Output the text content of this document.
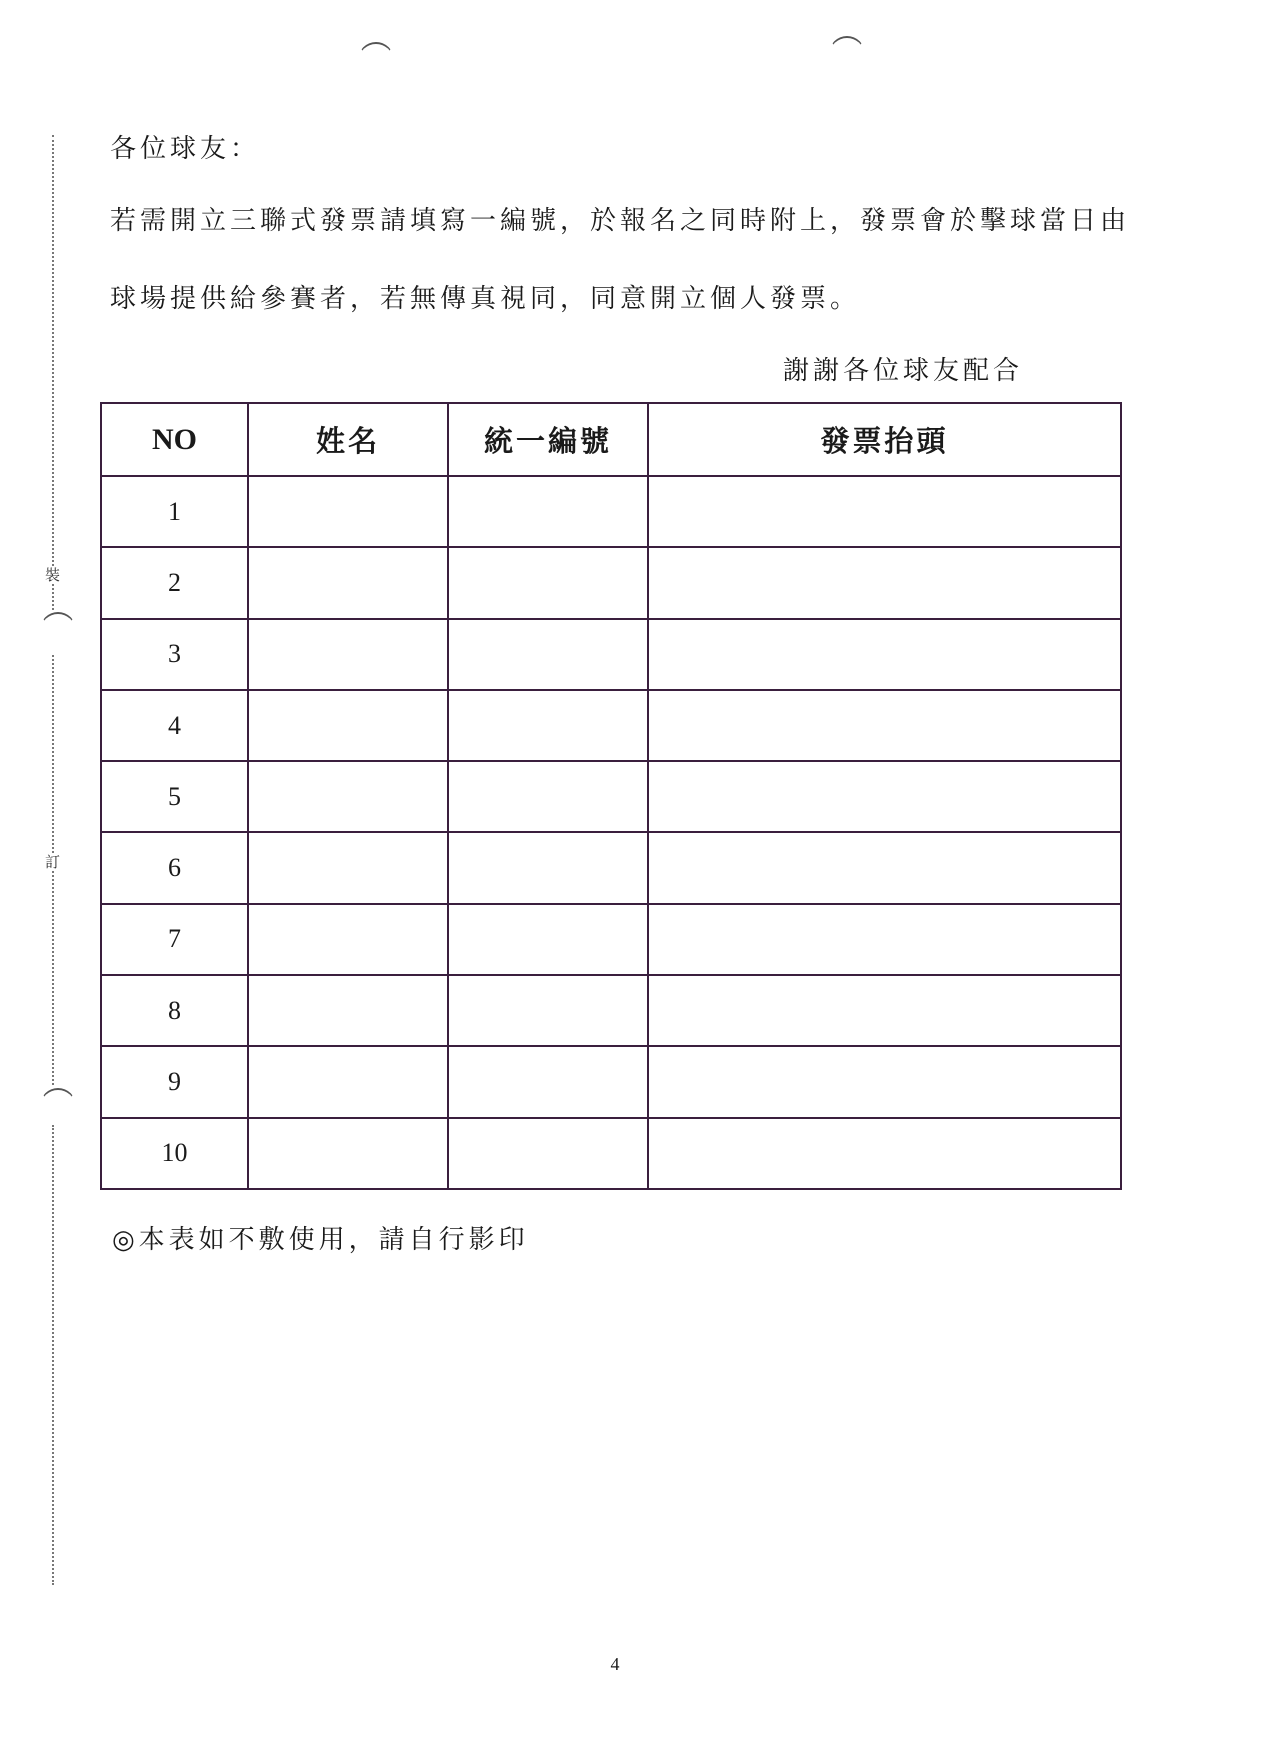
裝
訂
各位球友：
若需開立三聯式發票請填寫一編號，於報名之同時附上，發票會於擊球當日由
球場提供給參賽者，若無傳真視同，同意開立個人發票。
謝謝各位球友配合
NO	姓名	統一編號	發票抬頭
1			
2			
3			
4			
5			
6			
7			
8			
9			
10			
◎本表如不敷使用，請自行影印
4
